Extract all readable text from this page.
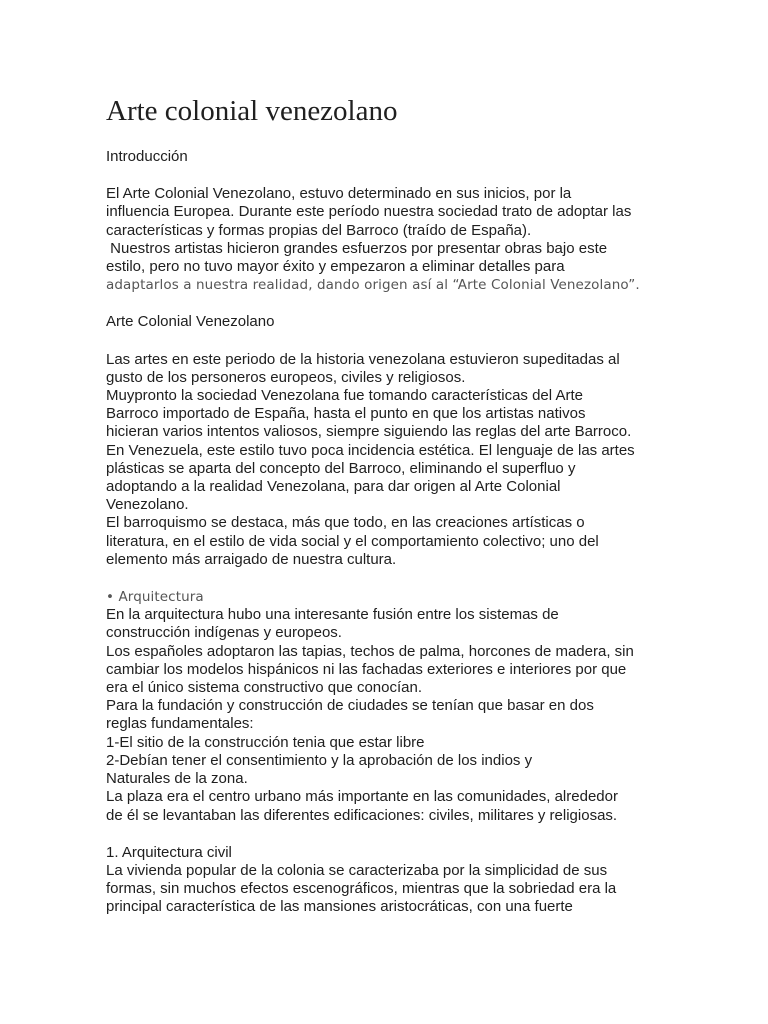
Arte colonial venezolano
Introducción
El Arte Colonial Venezolano, estuvo determinado en sus inicios, por la
influencia Europea. Durante este período nuestra sociedad trato de adoptar las
características y formas propias del Barroco (traído de España).
Nuestros artistas hicieron grandes esfuerzos por presentar obras bajo este
estilo, pero no tuvo mayor éxito y empezaron a eliminar detalles para
adaptarlos a nuestra realidad, dando origen así al “Arte Colonial Venezolano”.
Arte Colonial Venezolano
Las artes en este periodo de la historia venezolana estuvieron supeditadas al
gusto de los personeros europeos, civiles y religiosos.
Muypronto la sociedad Venezolana fue tomando características del Arte
Barroco importado de España, hasta el punto en que los artistas nativos
hicieran varios intentos valiosos, siempre siguiendo las reglas del arte Barroco.
En Venezuela, este estilo tuvo poca incidencia estética. El lenguaje de las artes
plásticas se aparta del concepto del Barroco, eliminando el superfluo y
adoptando a la realidad Venezolana, para dar origen al Arte Colonial
Venezolano.
El barroquismo se destaca, más que todo, en las creaciones artísticas o
literatura, en el estilo de vida social y el comportamiento colectivo; uno del
elemento más arraigado de nuestra cultura.
• Arquitectura
En la arquitectura hubo una interesante fusión entre los sistemas de
construcción indígenas y europeos.
Los españoles adoptaron las tapias, techos de palma, horcones de madera, sin
cambiar los modelos hispánicos ni las fachadas exteriores e interiores por que
era el único sistema constructivo que conocían.
Para la fundación y construcción de ciudades se tenían que basar en dos
reglas fundamentales:
1-El sitio de la construcción tenia que estar libre
2-Debían tener el consentimiento y la aprobación de los indios y
Naturales de la zona.
La plaza era el centro urbano más importante en las comunidades, alrededor
de él se levantaban las diferentes edificaciones: civiles, militares y religiosas.
1. Arquitectura civil
La vivienda popular de la colonia se caracterizaba por la simplicidad de sus
formas, sin muchos efectos escenográficos, mientras que la sobriedad era la
principal característica de las mansiones aristocráticas, con una fuerte
